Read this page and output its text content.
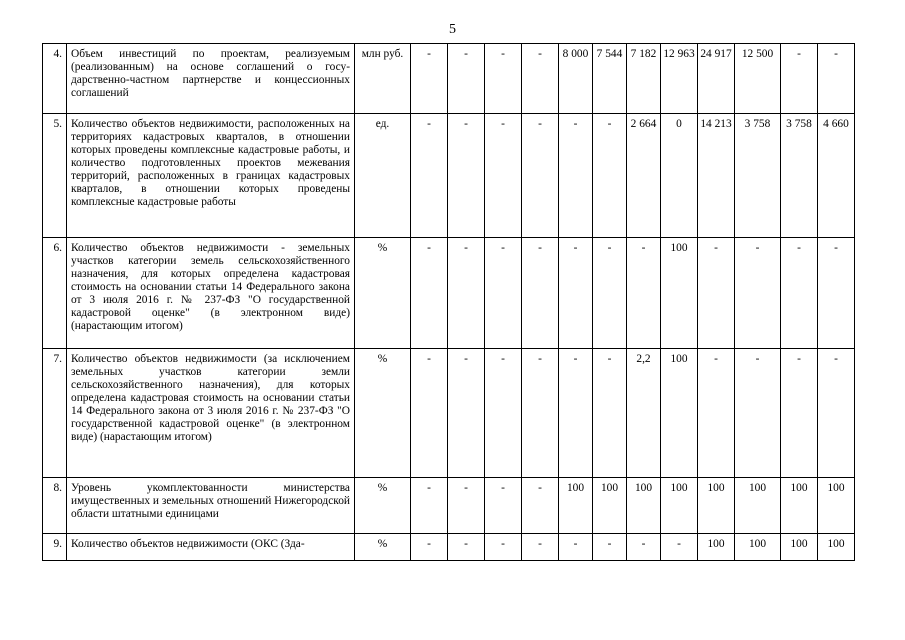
5
4.	Объем инвестиций по проектам, реализуемым (реализованным) на основе соглашений о государственно-частном партнерстве и концессионных соглашений	млн руб.	-	-	-	-	8 000	7 544	7 182	12 963	24 917	12 500	-	-
5.	Количество объектов недвижимости, расположенных на территориях кадастровых кварталов, в отношении которых проведены комплексные кадастровые работы, и количество подготовленных проектов межевания территорий, расположенных в границах кадастровых кварталов, в отношении которых проведены комплексные кадастровые работы	ед.	-	-	-	-	-	-	2 664	0	14 213	3 758	3 758	4 660
6.	Количество объектов недвижимости - земельных участков категории земель сельскохозяйственного назначения, для которых определена кадастровая стоимость на основании статьи 14 Федерального закона от 3 июля 2016 г. № 237-ФЗ "О государственной кадастровой оценке" (в электронном виде) (нарастающим итогом)	%	-	-	-	-	-	-	-	100	-	-	-	-
7.	Количество объектов недвижимости (за исключением земельных участков категории земли сельскохозяйственного назначения), для которых определена кадастровая стоимость на основании статьи 14 Федерального закона от 3 июля 2016 г. № 237-ФЗ "О государственной кадастровой оценке" (в электронном виде) (нарастающим итогом)	%	-	-	-	-	-	-	2,2	100	-	-	-	-
8.	Уровень укомплектованности министерства имущественных и земельных отношений Нижегородской области штатными единицами	%	-	-	-	-	100	100	100	100	100	100	100	100
9.	Количество объектов недвижимости (ОКС (Зда-	%	-	-	-	-	-	-	-	-	100	100	100	100
